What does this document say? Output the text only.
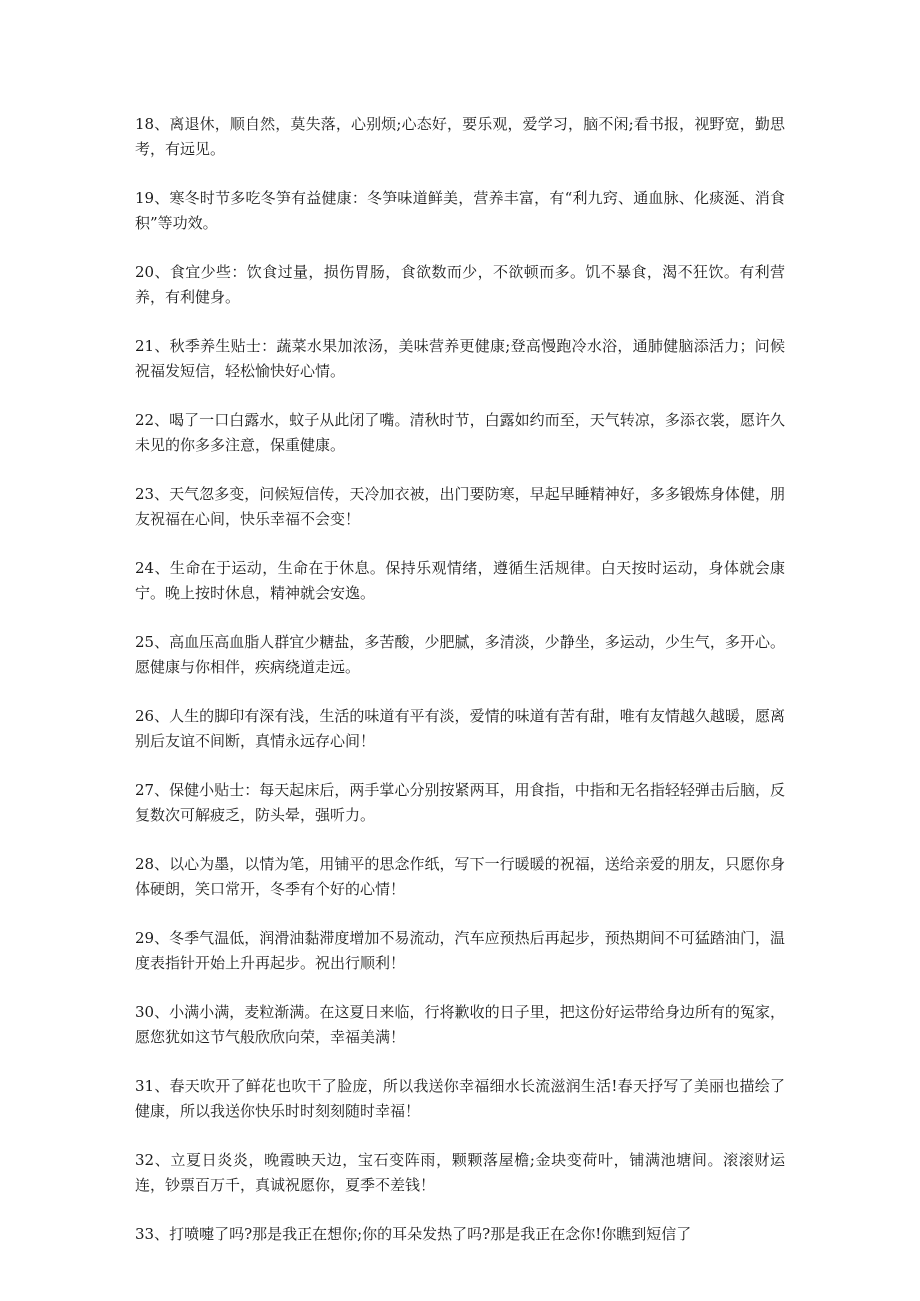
18、离退休，顺自然，莫失落，心别烦;心态好，要乐观，爱学习，脑不闲;看书报，视野宽，勤思考，有远见。

19、寒冬时节多吃冬笋有益健康：冬笋味道鲜美，营养丰富，有“利九窍、通血脉、化痰涎、消食积”等功效。

20、食宜少些：饮食过量，损伤胃肠，食欲数而少，不欲顿而多。饥不暴食，渴不狂饮。有利营养，有利健身。

21、秋季养生贴士：蔬菜水果加浓汤，美味营养更健康;登高慢跑冷水浴，通肺健脑添活力；问候祝福发短信，轻松愉快好心情。

22、喝了一口白露水，蚊子从此闭了嘴。清秋时节，白露如约而至，天气转凉，多添衣裳，愿许久未见的你多多注意，保重健康。

23、天气忽多变，问候短信传，天冷加衣被，出门要防寒，早起早睡精神好，多多锻炼身体健，朋友祝福在心间，快乐幸福不会变！

24、生命在于运动，生命在于休息。保持乐观情绪，遵循生活规律。白天按时运动，身体就会康宁。晚上按时休息，精神就会安逸。

25、高血压高血脂人群宜少糖盐，多苦酸，少肥腻，多清淡，少静坐，多运动，少生气，多开心。愿健康与你相伴，疾病绕道走远。

26、人生的脚印有深有浅，生活的味道有平有淡，爱情的味道有苦有甜，唯有友情越久越暖，愿离别后友谊不间断，真情永远存心间！

27、保健小贴士：每天起床后，两手掌心分别按紧两耳，用食指，中指和无名指轻轻弹击后脑，反复数次可解疲乏，防头晕，强听力。

28、以心为墨，以情为笔，用铺平的思念作纸，写下一行暖暖的祝福，送给亲爱的朋友，只愿你身体硬朗，笑口常开，冬季有个好的心情！

29、冬季气温低，润滑油黏滞度增加不易流动，汽车应预热后再起步，预热期间不可猛踏油门，温度表指针开始上升再起步。祝出行顺利！

30、小满小满，麦粒渐满。在这夏日来临，行将歉收的日子里，把这份好运带给身边所有的冤家，愿您犹如这节气般欣欣向荣，幸福美满！

31、春天吹开了鲜花也吹干了脸庞，所以我送你幸福细水长流滋润生活!春天抒写了美丽也描绘了健康，所以我送你快乐时时刻刻随时幸福！

32、立夏日炎炎，晚霞映天边，宝石变阵雨，颗颗落屋檐;金块变荷叶，铺满池塘间。滚滚财运连，钞票百万千，真诚祝愿你，夏季不差钱！

33、打喷嚏了吗?那是我正在想你;你的耳朵发热了吗?那是我正在念你!你瞧到短信了
